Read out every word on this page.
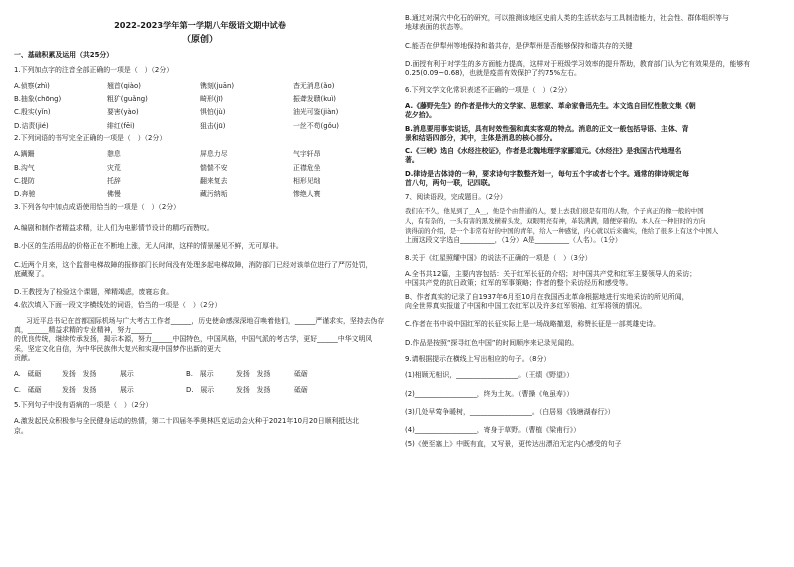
2022-2023学年第一学期八年级语文期中试卷
（原创）
一、基础积累及运用（共25分）
1.下列加点字的注音全部正确的一项是（　）（2分）
A.侦察(zhì)	翘首(qiào)	镌刻(juān)	杳无消息(ǎo)
B.抽象(chōng)	粗犷(guǎng)	畸形(jī)	振聋发聩(kuì)
C.殷实(yǐn)	要害(yào)	惧怕(jù)	油光可鉴(jiàn)
D.诘责(jié)	绯红(fēi)	狙击(jū)	一丝不苟(gǒu)
2.下列词语的书写完全正确的一项是（　）（2分）
A.蹒跚	憩息	屏息力尽	气宇轩昂
B.沟气	灾荒	惴惴不安	正襟危坐
C.提防	托辞	翻来复去	相形见绌
D.奔驰	佛慢	藏污纳垢	惨绝人寰
3.下列各句中加点成语使用恰当的一项是（　）（2分）
A.编剧和制作者精益求精，让人们为电影情节设计的精巧而赞叹。
B.小区的生活用品的价格正在不断地上涨，无人问津，这样的情景屡见不鲜，无可厚非。
C.近两个月来，这个监督电梯故障的报修部门长时间没有处理多起电梯故障，消防部门已经对该单位进行了严厉处罚，
底藏聚了。
D.王教授为了检验这个课题，殚精竭虑，废寝忘食。
4.依次填入下面一段文字横线处的词语，恰当的一项是（　）（2分）
习近平总书记在首都国际机场与广大考古工作者______，历史使命感深深地召唤着他们，______严谨求实，坚持去伪存真，______精益求精的专业精神，努力______
的优良传统，继续传承发扬，揭示本源，努力______中国特色，中国风格，中国气派的考古学，更好______中华文明风采，坚定文化自信，为中华民族伟大复兴和实现中国梦作出新的更大
贡献。
A.　砥砺	发扬　发扬	展示	B.　展示	发扬　发扬	砥砺
C.　砥砺	发扬　发扬	展示	D.　展示	发扬　发扬	砥砺
5.下列句子中没有语病的一项是（　）（2分）
A.激发起民众积极参与全民健身运动的热情，第二十四届冬季奥林匹克运动会火种于2021年10月20日顺利抵达北
京。
B.通过对洞穴中化石的研究，可以推测该地区史前人类的生活状态与工具制造能力，社会性、群体组织等与
地球表面的状态等。
C.能否在伊犁州等地保持和谐共存，是伊犁州是否能够保持和谐共存的关键
D.面授有利于对学生的多方面能力提高，这样对于班级学习效率的提升帮助，教育部门认为它有效果是的，能够有
0.25(0.09~0.68)，也就是疫苗有效保护了约75%左右。
6.下列文学文化常识表述不正确的一项是（　）（2分）
A.《藤野先生》的作者是伟大的文学家、思想家、革命家鲁迅先生。本文选自回忆性散文集《朝
花夕拾》。
B.消息要用事实说话，具有时效性强和真实客观的特点。消息的正文一般包括导语、主体、背
景和结语四部分，其中，主体是消息的核心部分。
C.《三峡》选自《水经注校证》，作者是北魏地理学家郦道元。《水经注》是我国古代地理名
著。
D.律诗是古体诗的一种，要求诗句字数整齐划一，每句五个字或者七个字。通常的律诗规定每
首八句，两句一联，记四联。
7、阅读语段，完成题目。（2分）
我们在不久，他见到了__A__，他是个由普通的人，要上去我们很是有用的人物，个子真正的像一般的中国
人，有有杂的，一头有害的黑发横着头发，双眼明亮有神，革装满满，随便穿着的。本人在一种旧时的方向
读得前的介绍，是一个非常有好的中国的青年，给人一种感觉，内心就以后来确实，他给了很多上有这个中国人
上面这段文字选自__________，（1分）A是__________（人名）。（1分）
8.关于《红星照耀中国》的说法不正确的一项是（　）（3分）
A.全书共12篇，主要内容包括：关于红军长征的介绍；对中国共产党和红军主要领导人的采访；
中国共产党的抗日政策；红军的军事策略；作者的整个采访经历和感受等。
B、作者真实的记录了自1937年6月至10月在我国西北革命根据地进行实地采访的所见所闻，
向全世界真实报道了中国和中国工农红军以及许多红军领袖、红军将领的情况。
C.作者在书中说中国红军的长征实际上是一场战略撤退，称赞长征是一部英雄史诗。
D.作品是按照“探寻红色中国”的时间顺序来记录见闻的。
9.请根据提示在横线上写出相应的句子。（8分）
(1)相顾无相识，__________________。（王绩《野望》）
(2)__________________，终为土灰。（曹操《龟虽寿》）
(3)几处早莺争暖树，__________________。（白居易《钱塘湖春行》）
(4)__________________，寄身于草野。（曹植《梁甫行》）
(5)《使至塞上》中既有直，又写景，更传达出漂泊无定内心感受的句子
